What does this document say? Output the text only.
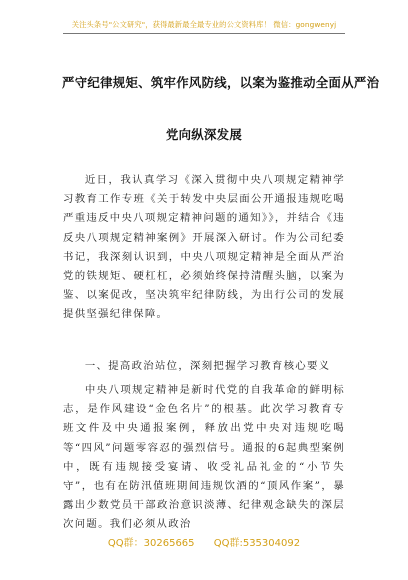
关注头条号"公文研究"，获得最新最全最专业的公文资料库！ 微信：gongwenyj
严守纪律规矩、筑牢作风防线，以案为鉴推动全面从严治
党向纵深发展

近日，我认真学习《深入贯彻中央八项规定精神学习教育工作专班《关于转发中央层面公开通报违规吃喝严重违反中央八项规定精神问题的通知》》，并结合《违反央八项规定精神案例》开展深入研讨。作为公司纪委书记，我深刻认识到，中央八项规定精神是全面从严治党的铁规矩、硬杠杠，必须始终保持清醒头脑，以案为鉴、以案促改，坚决筑牢纪律防线，为出行公司的发展提供坚强纪律保障。

一、提高政治站位，深刻把握学习教育核心要义

中央八项规定精神是新时代党的自我革命的鲜明标志，是作风建设“金色名片”的根基。此次学习教育专班文件及中央通报案例，释放出党中央对违规吃喝等“四风”问题零容忍的强烈信号。通报的6起典型案例中，既有违规接受宴请、收受礼品礼金的“小节失守”，也有在防汛值班期间违规饮酒的“顶风作案”，暴露出少数党员干部政治意识淡薄、纪律观念缺失的深层次问题。我们必须从政治

QQ群：30265665 QQ群:535304092
